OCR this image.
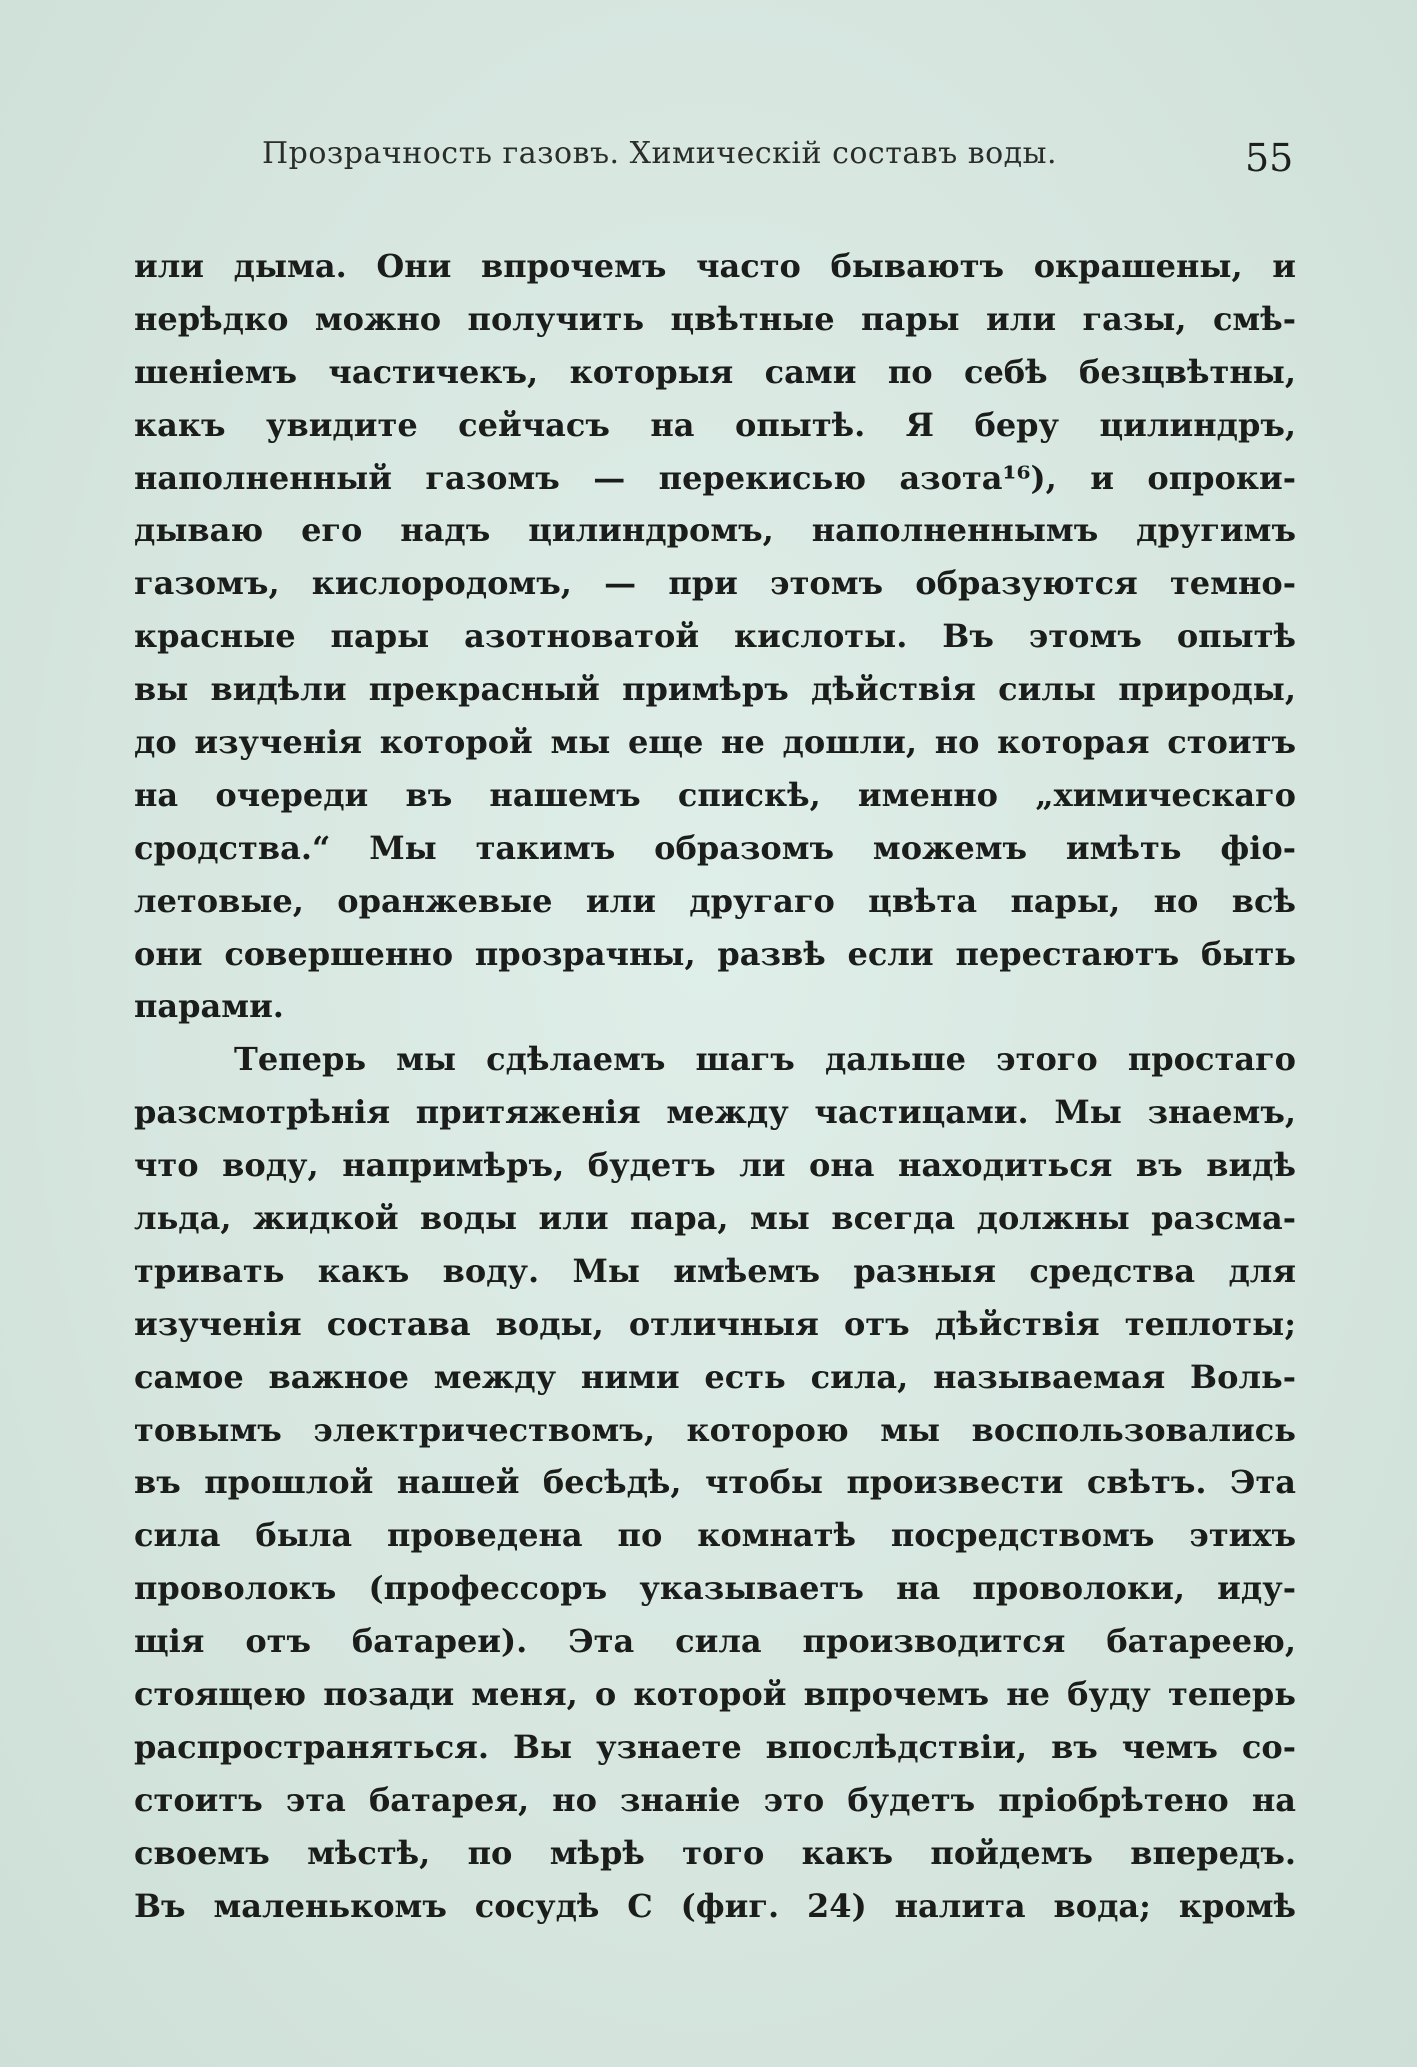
Прозрачность газовъ. Химическій составъ воды.	55
или дыма. Они впрочемъ часто бываютъ окрашены, и
нерѣдко можно получить цвѣтные пары или газы, смѣ-
шеніемъ частичекъ, которыя сами по себѣ безцвѣтны,
какъ увидите сейчасъ на опытѣ. Я беру цилиндръ,
наполненный газомъ — перекисью азота¹⁶), и опроки-
дываю его надъ цилиндромъ, наполненнымъ другимъ
газомъ, кислородомъ, — при этомъ образуются темно-
красные пары азотноватой кислоты. Въ этомъ опытѣ
вы видѣли прекрасный примѣръ дѣйствія силы природы,
до изученія которой мы еще не дошли, но которая стоитъ
на очереди въ нашемъ спискѣ, именно „химическаго
сродства.“ Мы такимъ образомъ можемъ имѣть фіо-
летовые, оранжевые или другаго цвѣта пары, но всѣ
они совершенно прозрачны, развѣ если перестаютъ быть
парами.
Теперь мы сдѣлаемъ шагъ дальше этого простаго
разсмотрѣнія притяженія между частицами. Мы знаемъ,
что воду, напримѣръ, будетъ ли она находиться въ видѣ
льда, жидкой воды или пара, мы всегда должны разсма-
тривать какъ воду. Мы имѣемъ разныя средства для
изученія состава воды, отличныя отъ дѣйствія теплоты;
самое важное между ними есть сила, называемая Воль-
товымъ электричествомъ, которою мы воспользовались
въ прошлой нашей бесѣдѣ, чтобы произвести свѣтъ. Эта
сила была проведена по комнатѣ посредствомъ этихъ
проволокъ (профессоръ указываетъ на проволоки, иду-
щія отъ батареи). Эта сила производится батареею,
стоящею позади меня, о которой впрочемъ не буду теперь
распространяться. Вы узнаете впослѣдствіи, въ чемъ со-
стоитъ эта батарея, но знаніе это будетъ пріобрѣтено на
своемъ мѣстѣ, по мѣрѣ того какъ пойдемъ впередъ.
Въ маленькомъ сосудѣ C (фиг. 24) налита вода; кромѣ
